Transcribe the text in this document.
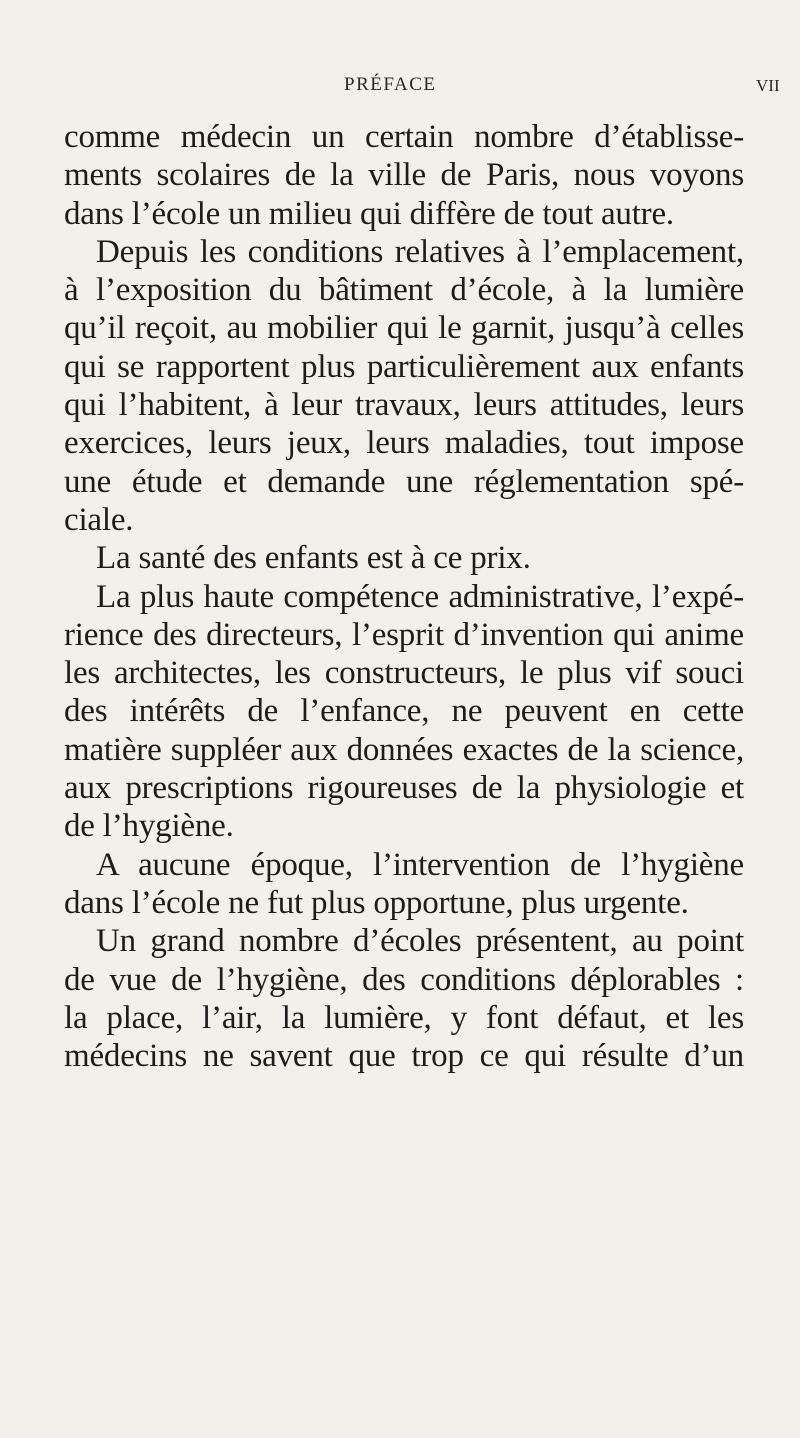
PRÉFACE	VII
comme médecin un certain nombre d’établisse-
ments scolaires de la ville de Paris, nous voyons
dans l’école un milieu qui diffère de tout autre.
Depuis les conditions relatives à l’emplacement,
à l’exposition du bâtiment d’école, à la lumière
qu’il reçoit, au mobilier qui le garnit, jusqu’à celles
qui se rapportent plus particulièrement aux enfants
qui l’habitent, à leur travaux, leurs attitudes, leurs
exercices, leurs jeux, leurs maladies, tout impose
une étude et demande une réglementation spé-
ciale.
La santé des enfants est à ce prix.
La plus haute compétence administrative, l’expé-
rience des directeurs, l’esprit d’invention qui anime
les architectes, les constructeurs, le plus vif souci
des intérêts de l’enfance, ne peuvent en cette
matière suppléer aux données exactes de la science,
aux prescriptions rigoureuses de la physiologie et
de l’hygiène.
A aucune époque, l’intervention de l’hygiène
dans l’école ne fut plus opportune, plus urgente.
Un grand nombre d’écoles présentent, au point
de vue de l’hygiène, des conditions déplorables :
la place, l’air, la lumière, y font défaut, et les
médecins ne savent que trop ce qui résulte d’un
